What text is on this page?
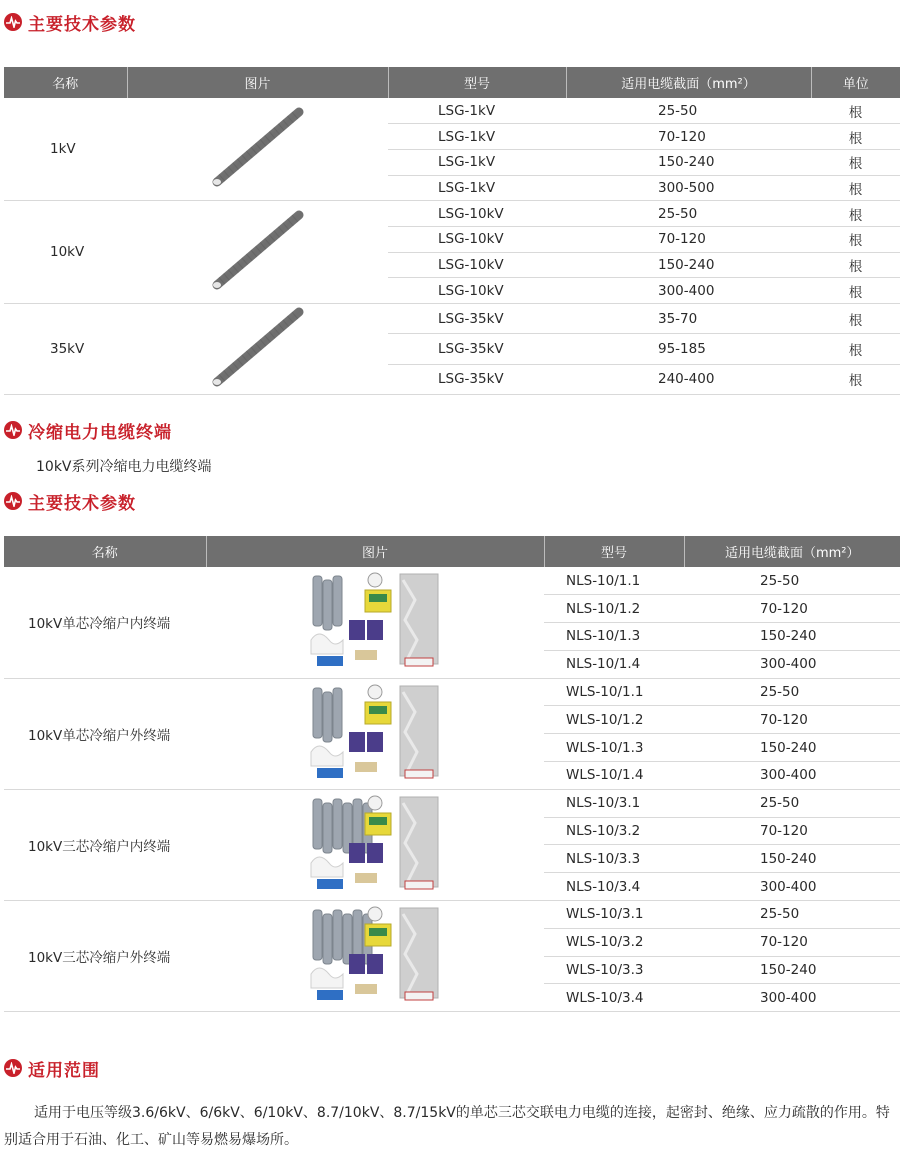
主要技术参数
名称	图片	型号	适用电缆截面（mm²）	单位
1kV		LSG-1kV	25-50	根
		LSG-1kV	70-120	根
		LSG-1kV	150-240	根
		LSG-1kV	300-500	根
10kV		LSG-10kV	25-50	根
		LSG-10kV	70-120	根
		LSG-10kV	150-240	根
		LSG-10kV	300-400	根
35kV		LSG-35kV	35-70	根
		LSG-35kV	95-185	根
		LSG-35kV	240-400	根
冷缩电力电缆终端
10kV系列冷缩电力电缆终端
主要技术参数
名称	图片	型号	适用电缆截面（mm²）
10kV单芯冷缩户内终端		NLS-10/1.1	25-50
		NLS-10/1.2	70-120
		NLS-10/1.3	150-240
		NLS-10/1.4	300-400
10kV单芯冷缩户外终端		WLS-10/1.1	25-50
		WLS-10/1.2	70-120
		WLS-10/1.3	150-240
		WLS-10/1.4	300-400
10kV三芯冷缩户内终端		NLS-10/3.1	25-50
		NLS-10/3.2	70-120
		NLS-10/3.3	150-240
		NLS-10/3.4	300-400
10kV三芯冷缩户外终端		WLS-10/3.1	25-50
		WLS-10/3.2	70-120
		WLS-10/3.3	150-240
		WLS-10/3.4	300-400
适用范围
适用于电压等级3.6/6kV、6/6kV、6/10kV、8.7/10kV、8.7/15kV的单芯三芯交联电力电缆的连接，起密封、绝缘、应力疏散的作用。特别适合用于石油、化工、矿山等易燃易爆场所。
